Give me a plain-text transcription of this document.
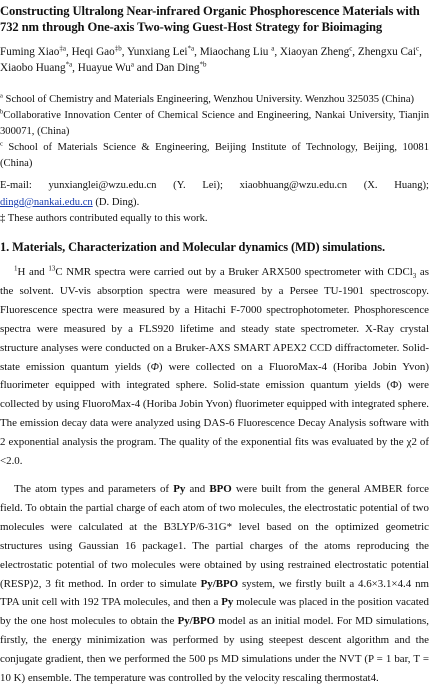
Constructing Ultralong Near-infrared Organic Phosphorescence Materials with
732 nm through One-axis Two-wing Guest-Host Strategy for Bioimaging
Fuming Xiao$^{\ddagger a}$, Heqi Gao$^{\ddagger b}$, Yunxiang Lei$^{*a}$, Miaochang Liu $^a$, Xiaoyan Zheng$^c$, Zhengxu Cai$^c$,
Xiaobo Huang$^{*a}$, Huayue Wu$^a$ and Dan Ding$^{*b}$
$^a$ School of Chemistry and Materials Engineering, Wenzhou University. Wenzhou 325035 (China)
$^b$Collaborative Innovation Center of Chemical Science and Engineering, Nankai University, Tianjin 300071, (China)
$^c$ School of Materials Science & Engineering, Beijing Institute of Technology, Beijing, 10081 (China)
E-mail: yunxianglei@wzu.edu.cn (Y. Lei); xiaobhuang@wzu.edu.cn (X. Huang); dingd@nankai.edu.cn (D. Ding).
‡ These authors contributed equally to this work.
1. Materials, Characterization and Molecular dynamics (MD) simulations.

$^1$H and $^{13}$C NMR spectra were carried out by a Bruker ARX500 spectrometer with CDCl$_3$ as the solvent. UV-vis absorption spectra were measured by a Persee TU-1901 spectroscopy. Fluorescence spectra were measured by a Hitachi F-7000 spectrophotometer. Phosphorescence spectra were measured by a FLS920 lifetime and steady state spectrometer. X-Ray crystal structure analyses were conducted on a Bruker-AXS SMART APEX2 CCD diffractometer. Solid-state emission quantum yields (Φ) were collected on a FluoroMax-4 (Horiba Jobin Yvon) fluorimeter equipped with integrated sphere. Solid-state emission quantum yields (Φ) were collected by using FluoroMax-4 (Horiba Jobin Yvon) fluorimeter equipped with integrated sphere. The emission decay data were analyzed using DAS-6 Fluorescence Decay Analysis software with 2 exponential analysis the program. The quality of the exponential fits was evaluated by the χ2 of <2.0.

The atom types and parameters of Py and BPO were built from the general AMBER force field. To obtain the partial charge of each atom of two molecules, the electrostatic potential of two molecules were calculated at the B3LYP/6-31G* level based on the optimized geometric structures using Gaussian 16 package1. The partial charges of the atoms reproducing the electrostatic potential of two molecules were obtained by using restrained electrostatic potential (RESP)2, 3 fit method. In order to simulate Py/BPO system, we firstly built a 4.6×3.1×4.4 nm TPA unit cell with 192 TPA molecules, and then a Py molecule was placed in the position vacated by the one host molecules to obtain the Py/BPO model as an initial model. For MD simulations, firstly, the energy minimization was performed by using steepest descent algorithm and the conjugate gradient, then we performed the 500 ps MD simulations under the NVT (P = 1 bar, T = 10 K) ensemble. The temperature was controlled by the velocity rescaling thermostat4.
